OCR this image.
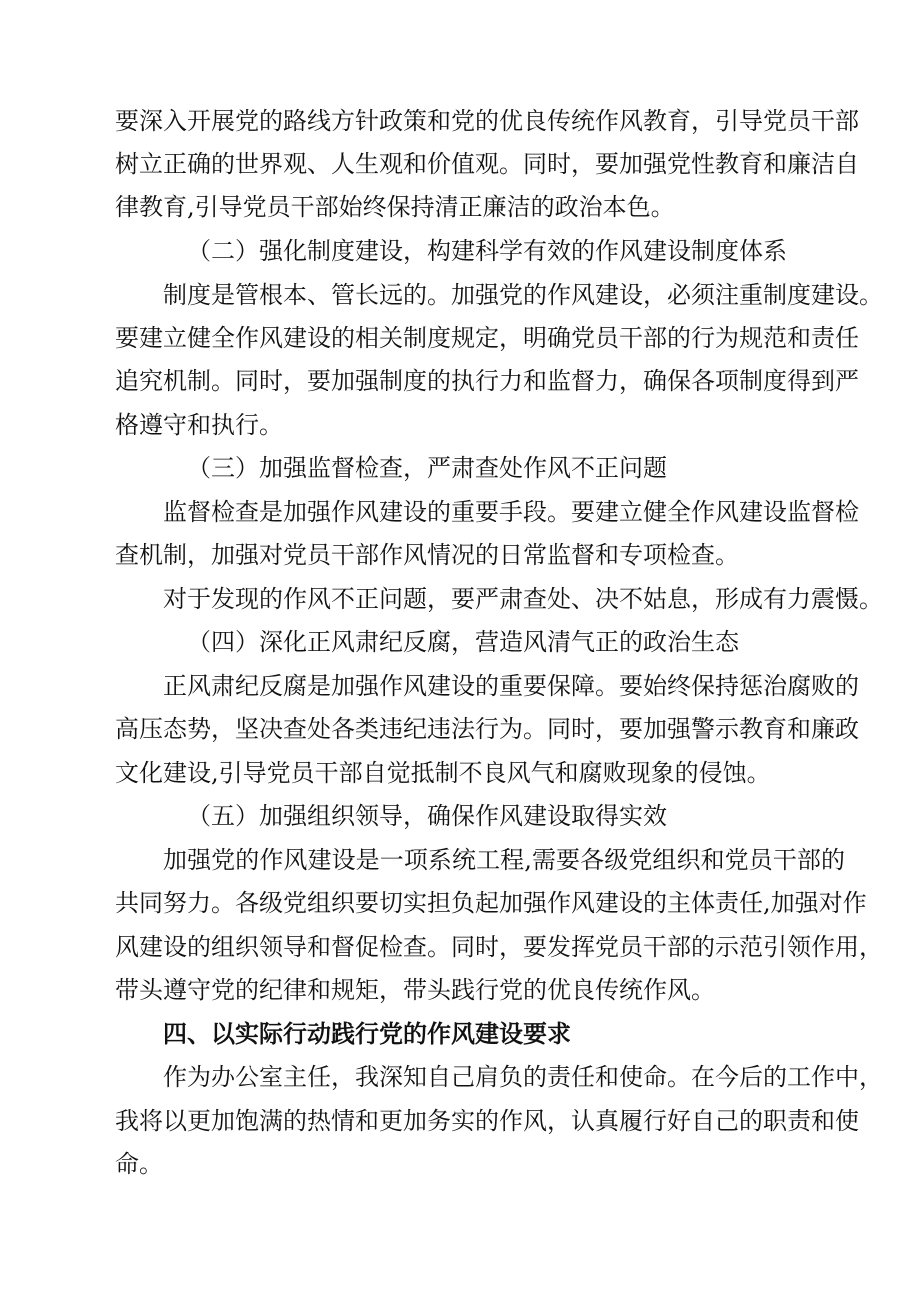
要深入开展党的路线方针政策和党的优良传统作风教育，引导党员干部
树立正确的世界观、人生观和价值观。同时，要加强党性教育和廉洁自
律教育,引导党员干部始终保持清正廉洁的政治本色。
（二）强化制度建设，构建科学有效的作风建设制度体系
制度是管根本、管长远的。加强党的作风建设，必须注重制度建设。
要建立健全作风建设的相关制度规定，明确党员干部的行为规范和责任
追究机制。同时，要加强制度的执行力和监督力，确保各项制度得到严
格遵守和执行。
（三）加强监督检查，严肃查处作风不正问题
监督检查是加强作风建设的重要手段。要建立健全作风建设监督检
查机制，加强对党员干部作风情况的日常监督和专项检查。
对于发现的作风不正问题，要严肃查处、决不姑息，形成有力震慑。
（四）深化正风肃纪反腐，营造风清气正的政治生态
正风肃纪反腐是加强作风建设的重要保障。要始终保持惩治腐败的
高压态势，坚决查处各类违纪违法行为。同时，要加强警示教育和廉政
文化建设,引导党员干部自觉抵制不良风气和腐败现象的侵蚀。
（五）加强组织领导，确保作风建设取得实效
加强党的作风建设是一项系统工程,需要各级党组织和党员干部的
共同努力。各级党组织要切实担负起加强作风建设的主体责任,加强对作
风建设的组织领导和督促检查。同时，要发挥党员干部的示范引领作用，
带头遵守党的纪律和规矩，带头践行党的优良传统作风。
四、以实际行动践行党的作风建设要求
作为办公室主任，我深知自己肩负的责任和使命。在今后的工作中，
我将以更加饱满的热情和更加务实的作风，认真履行好自己的职责和使
命。
